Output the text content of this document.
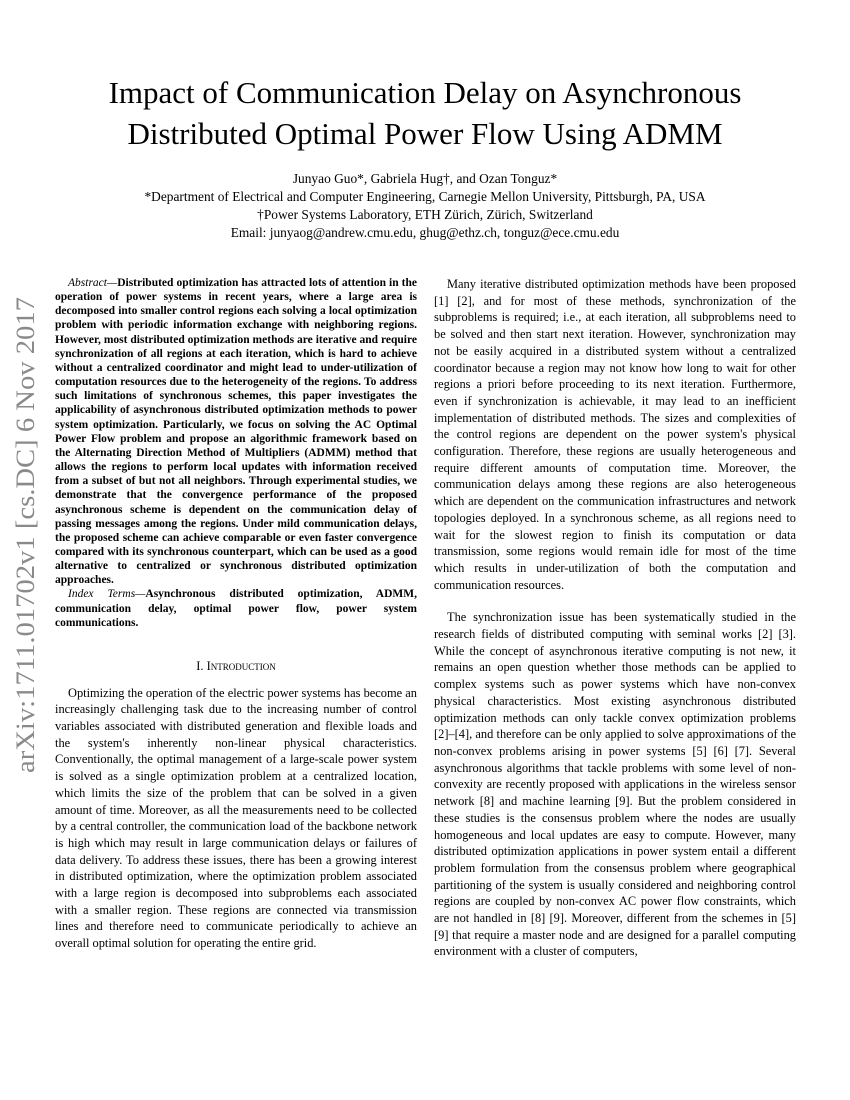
Impact of Communication Delay on Asynchronous
Distributed Optimal Power Flow Using ADMM
Junyao Guo*, Gabriela Hug†, and Ozan Tonguz*
*Department of Electrical and Computer Engineering, Carnegie Mellon University, Pittsburgh, PA, USA
†Power Systems Laboratory, ETH Zürich, Zürich, Switzerland
Email: junyaog@andrew.cmu.edu, ghug@ethz.ch, tonguz@ece.cmu.edu
arXiv:1711.01702v1 [cs.DC] 6 Nov 2017

Abstract—Distributed optimization has attracted lots of attention in the operation of power systems in recent years, where a large area is decomposed into smaller control regions each solving a local optimization problem with periodic information exchange with neighboring regions. However, most distributed optimization methods are iterative and require synchronization of all regions at each iteration, which is hard to achieve without a centralized coordinator and might lead to under-utilization of computation resources due to the heterogeneity of the regions. To address such limitations of synchronous schemes, this paper investigates the applicability of asynchronous distributed optimization methods to power system optimization. Particularly, we focus on solving the AC Optimal Power Flow problem and propose an algorithmic framework based on the Alternating Direction Method of Multipliers (ADMM) method that allows the regions to perform local updates with information received from a subset of but not all neighbors. Through experimental studies, we demonstrate that the convergence performance of the proposed asynchronous scheme is dependent on the communication delay of passing messages among the regions. Under mild communication delays, the proposed scheme can achieve comparable or even faster convergence compared with its synchronous counterpart, which can be used as a good alternative to centralized or synchronous distributed optimization approaches.

Index Terms—Asynchronous distributed optimization, ADMM, communication delay, optimal power flow, power system communications.

I. Introduction

Optimizing the operation of the electric power systems has become an increasingly challenging task due to the increasing number of control variables associated with distributed generation and flexible loads and the system's inherently non-linear physical characteristics. Conventionally, the optimal management of a large-scale power system is solved as a single optimization problem at a centralized location, which limits the size of the problem that can be solved in a given amount of time. Moreover, as all the measurements need to be collected by a central controller, the communication load of the backbone network is high which may result in large communication delays or failures of data delivery. To address these issues, there has been a growing interest in distributed optimization, where the optimization problem associated with a large region is decomposed into subproblems each associated with a smaller region. These regions are connected via transmission lines and therefore need to communicate periodically to achieve an overall optimal solution for operating the entire grid.

Many iterative distributed optimization methods have been proposed [1] [2], and for most of these methods, synchronization of the subproblems is required; i.e., at each iteration, all subproblems need to be solved and then start next iteration. However, synchronization may not be easily acquired in a distributed system without a centralized coordinator because a region may not know how long to wait for other regions a priori before proceeding to its next iteration. Furthermore, even if synchronization is achievable, it may lead to an inefficient implementation of distributed methods. The sizes and complexities of the control regions are dependent on the power system's physical configuration. Therefore, these regions are usually heterogeneous and require different amounts of computation time. Moreover, the communication delays among these regions are also heterogeneous which are dependent on the communication infrastructures and network topologies deployed. In a synchronous scheme, as all regions need to wait for the slowest region to finish its computation or data transmission, some regions would remain idle for most of the time which results in under-utilization of both the computation and communication resources.

The synchronization issue has been systematically studied in the research fields of distributed computing with seminal works [2] [3]. While the concept of asynchronous iterative computing is not new, it remains an open question whether those methods can be applied to complex systems such as power systems which have non-convex physical characteristics. Most existing asynchronous distributed optimization methods can only tackle convex optimization problems [2]–[4], and therefore can be only applied to solve approximations of the non-convex problems arising in power systems [5] [6] [7]. Several asynchronous algorithms that tackle problems with some level of non-convexity are recently proposed with applications in the wireless sensor network [8] and machine learning [9]. But the problem considered in these studies is the consensus problem where the nodes are usually homogeneous and local updates are easy to compute. However, many distributed optimization applications in power system entail a different problem formulation from the consensus problem where geographical partitioning of the system is usually considered and neighboring control regions are coupled by non-convex AC power flow constraints, which are not handled in [8] [9]. Moreover, different from the schemes in [5] [9] that require a master node and are designed for a parallel computing environment with a cluster of computers,
